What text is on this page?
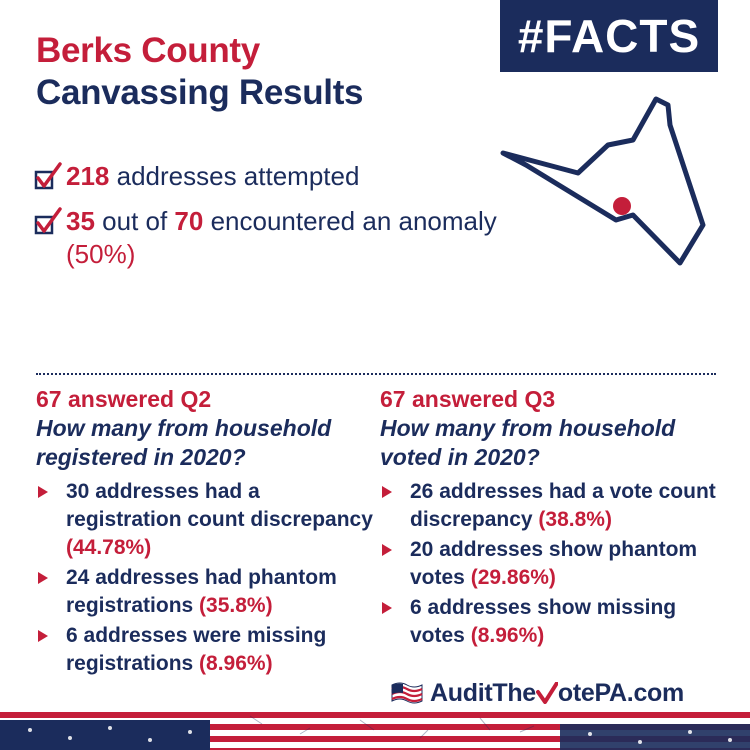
Berks County
Canvassing Results
#FACTS
218 addresses attempted
35 out of 70 encountered an anomaly (50%)
67 answered Q2
How many from household registered in 2020?
30 addresses had a registration count discrepancy (44.78%)
24 addresses had phantom registrations (35.8%)
6 addresses were missing registrations (8.96%)
67 answered Q3
How many from household voted in 2020?
26 addresses had a vote count discrepancy (38.8%)
20 addresses show phantom votes (29.86%)
6 addresses show missing votes (8.96%)
AuditThe otePA.com
